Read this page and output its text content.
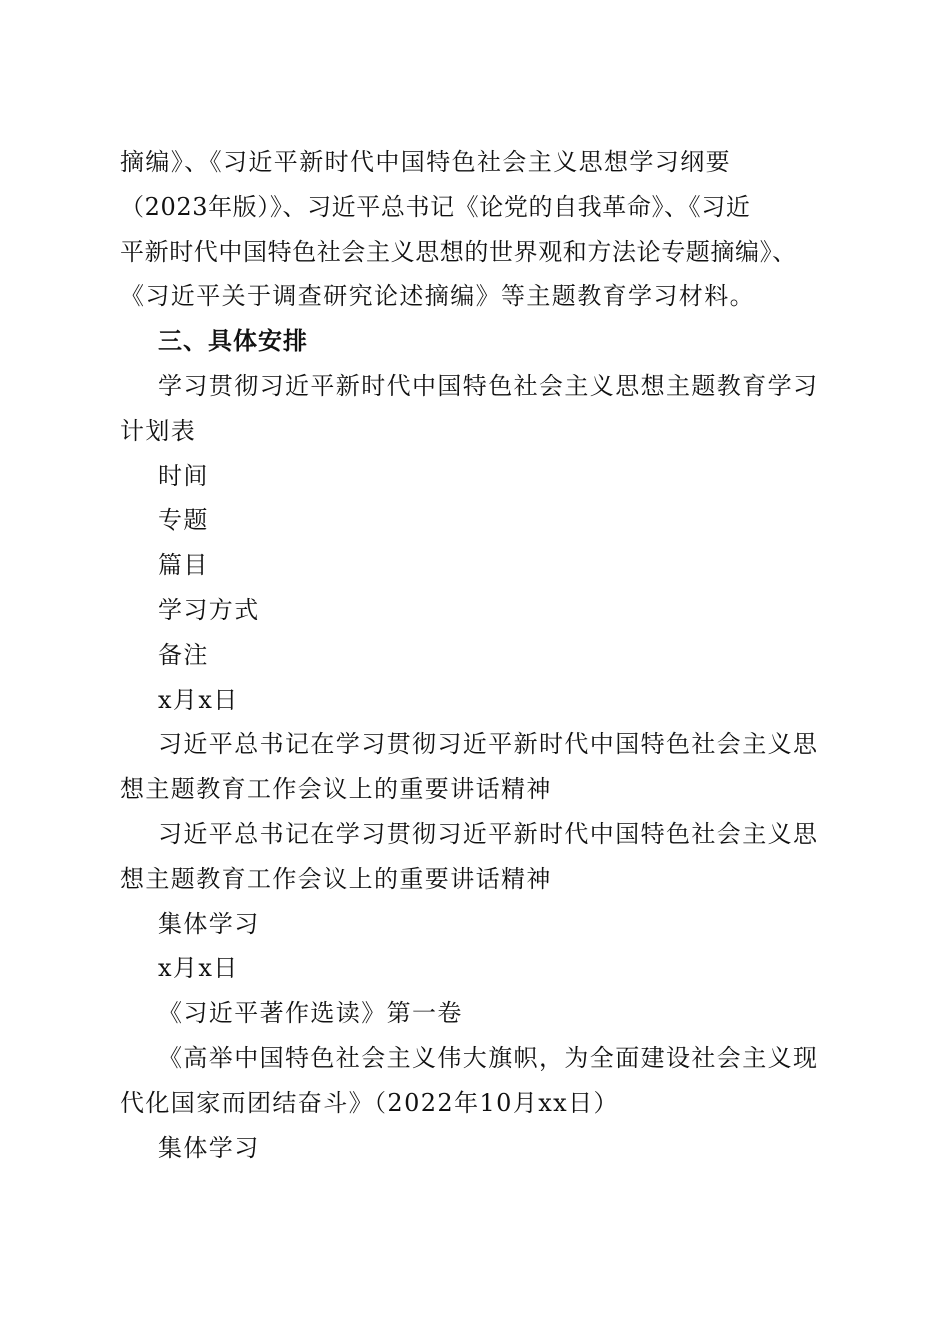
摘编》、《习近平新时代中国特色社会主义思想学习纲要

（2023年版）》、习近平总书记《论党的自我革命》、《习近

平新时代中国特色社会主义思想的世界观和方法论专题摘编》、

《习近平关于调查研究论述摘编》等主题教育学习材料。

三、具体安排

学习贯彻习近平新时代中国特色社会主义思想主题教育学习

计划表

时间

专题

篇目

学习方式

备注

x月x日

习近平总书记在学习贯彻习近平新时代中国特色社会主义思

想主题教育工作会议上的重要讲话精神

习近平总书记在学习贯彻习近平新时代中国特色社会主义思

想主题教育工作会议上的重要讲话精神

集体学习

x月x日

《习近平著作选读》第一卷

《高举中国特色社会主义伟大旗帜，为全面建设社会主义现

代化国家而团结奋斗》（2022年10月xx日）

集体学习
